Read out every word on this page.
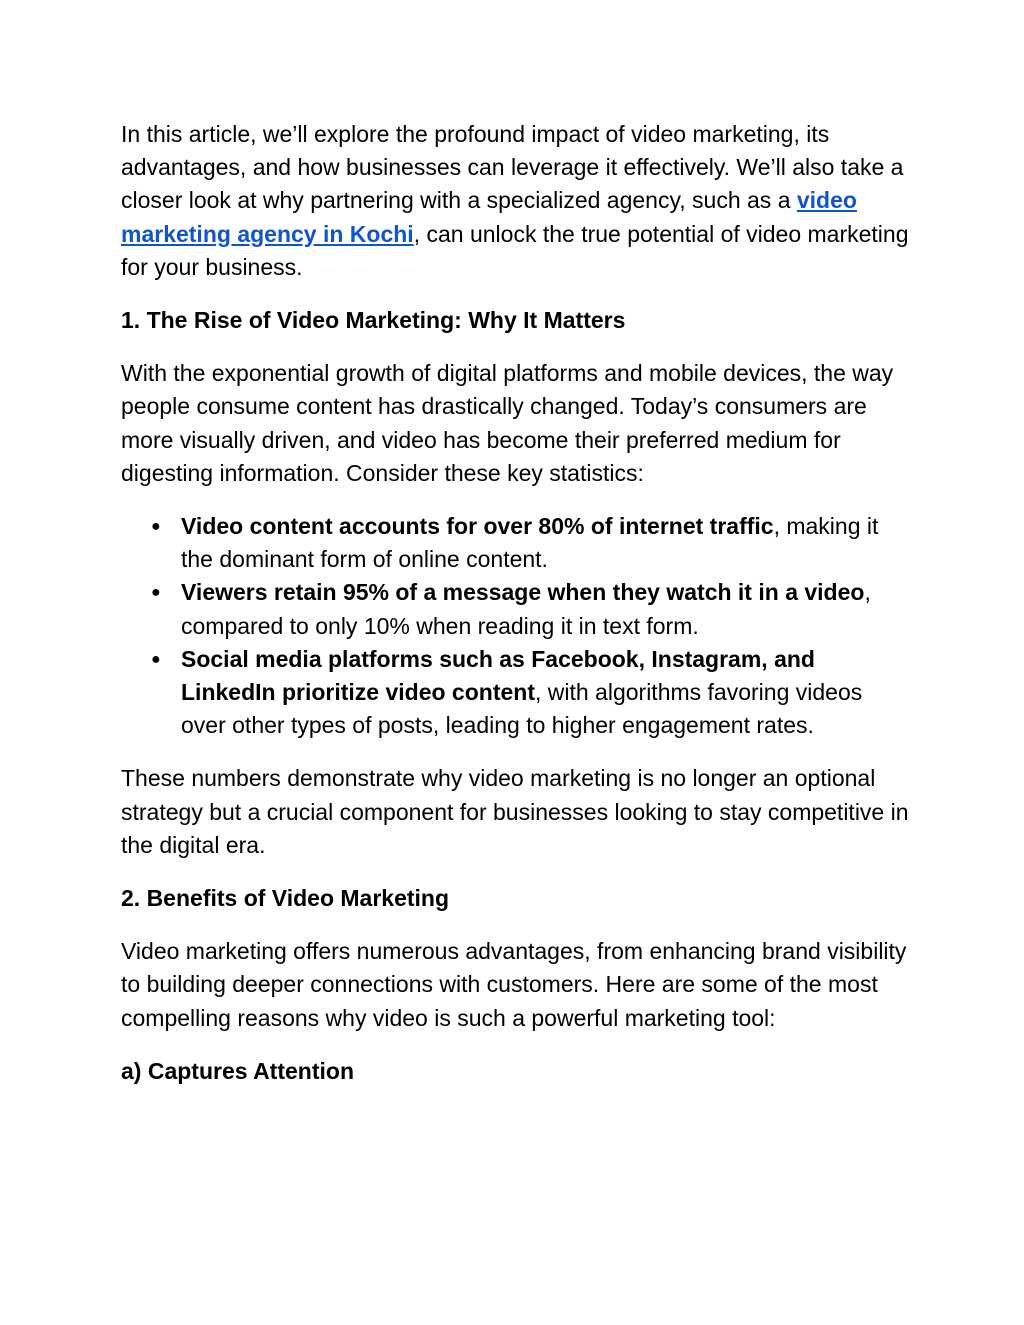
In this article, we’ll explore the profound impact of video marketing, its advantages, and how businesses can leverage it effectively. We’ll also take a closer look at why partnering with a specialized agency, such as a video marketing agency in Kochi, can unlock the true potential of video marketing for your business.

1. The Rise of Video Marketing: Why It Matters

With the exponential growth of digital platforms and mobile devices, the way people consume content has drastically changed. Today’s consumers are more visually driven, and video has become their preferred medium for digesting information. Consider these key statistics:

● Video content accounts for over 80% of internet traffic, making it the dominant form of online content.
● Viewers retain 95% of a message when they watch it in a video, compared to only 10% when reading it in text form.
● Social media platforms such as Facebook, Instagram, and LinkedIn prioritize video content, with algorithms favoring videos over other types of posts, leading to higher engagement rates.

These numbers demonstrate why video marketing is no longer an optional strategy but a crucial component for businesses looking to stay competitive in the digital era.

2. Benefits of Video Marketing

Video marketing offers numerous advantages, from enhancing brand visibility to building deeper connections with customers. Here are some of the most compelling reasons why video is such a powerful marketing tool:

a) Captures Attention
